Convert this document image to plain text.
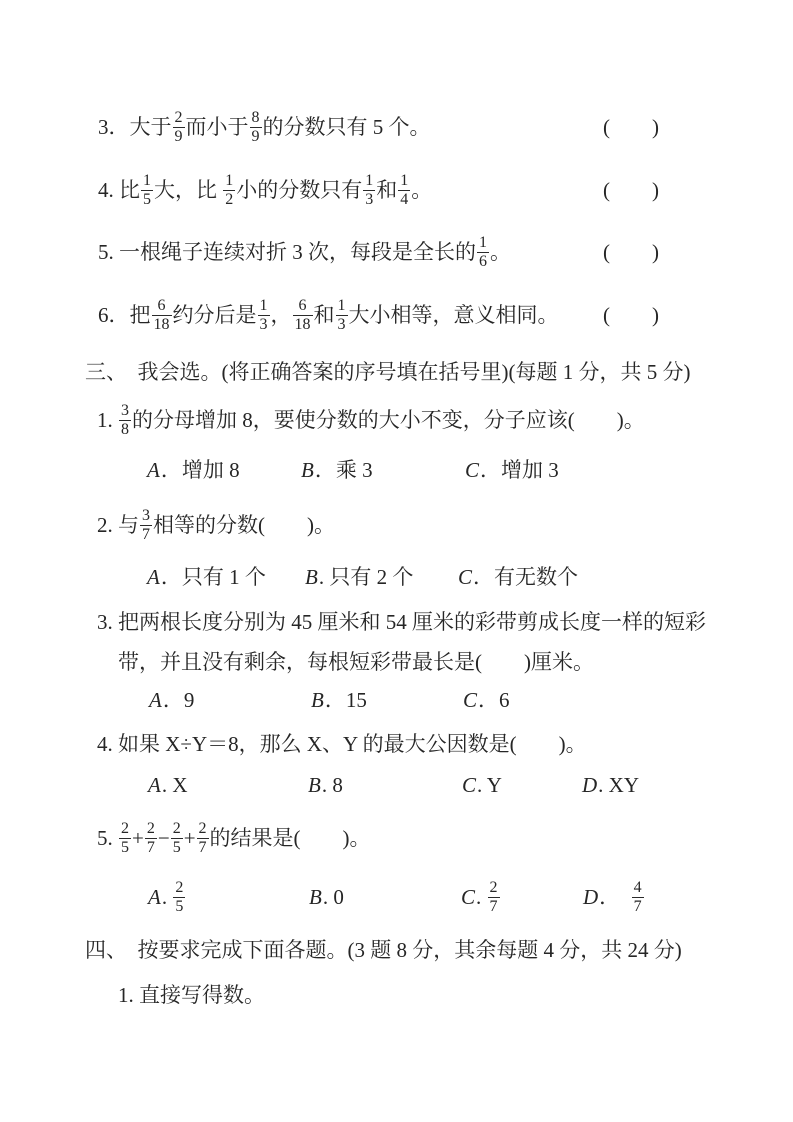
3．大于 $\frac{2}{9}$ 而小于 $\frac{8}{9}$ 的分数只有 5 个。	(　　)
4. 比 $\frac{1}{5}$ 大，比 $\frac{1}{2}$ 小的分数只有 $\frac{1}{3}$ 和 $\frac{1}{4}$ 。	(　　)
5. 一根绳子连续对折 3 次，每段是全长的 $\frac{1}{6}$ 。	(　　)
6．把 $\frac{6}{18}$ 约分后是 $\frac{1}{3}$ ， $\frac{6}{18}$ 和 $\frac{1}{3}$ 大小相等，意义相同。 (　　)
三、　我会选。(将正确答案的序号填在括号里)(每题 1 分，共 5 分)
1. $\frac{3}{8}$ 的分母增加 8，要使分数的大小不变，分子应该(　　)。
A．增加 8	B．乘 3	C．增加 3
2. 与 $\frac{3}{7}$ 相等的分数(　　)。
A．只有 1 个 B. 只有 2 个 C．有无数个
3. 把两根长度分别为 45 厘米和 54 厘米的彩带剪成长度一样的短彩
带，并且没有剩余，每根短彩带最长是(　　)厘米。
A．9	B．15	C．6
4. 如果 X÷Y＝8，那么 X、Y 的最大公因数是(　　)。
A. X	B. 8	C. Y	D. XY
5. $\frac{2}{5} + \frac{2}{7} - \frac{2}{5} + \frac{2}{7}$ 的结果是(　　)。
A. $\frac{2}{5}$	B. 0	C. $\frac{2}{7}$	D．　 $\frac{4}{7}$
四、　按要求完成下面各题。(3 题 8 分，其余每题 4 分，共 24 分)
1. 直接写得数。
